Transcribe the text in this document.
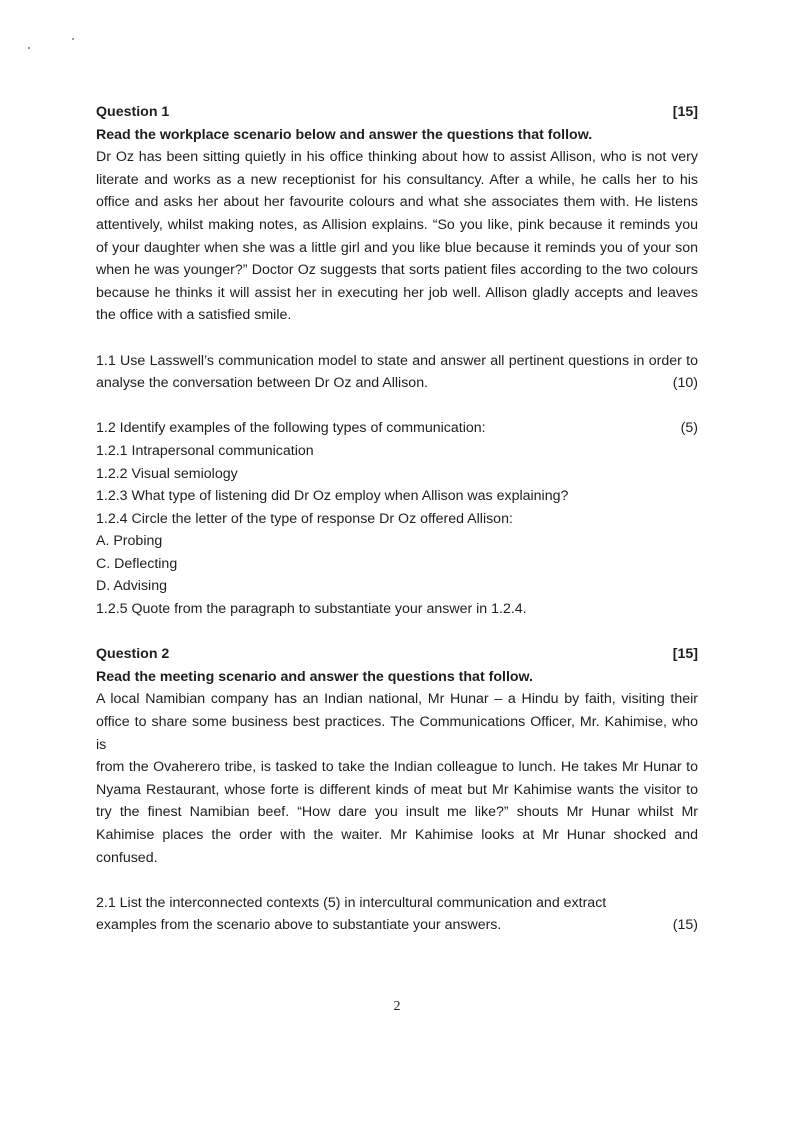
Question 1	[15]
Read the workplace scenario below and answer the questions that follow.
Dr Oz has been sitting quietly in his office thinking about how to assist Allison, who is not very
literate and works as a new receptionist for his consultancy. After a while, he calls her to his
office and asks her about her favourite colours and what she associates them with. He listens
attentively, whilst making notes, as Allision explains. “So you like, pink because it reminds you
of your daughter when she was a little girl and you like blue because it reminds you of your son
when he was younger?” Doctor Oz suggests that sorts patient files according to the two colours
because he thinks it will assist her in executing her job well. Allison gladly accepts and leaves
the office with a satisfied smile.
1.1 Use Lasswell’s communication model to state and answer all pertinent questions in order to
analyse the conversation between Dr Oz and Allison.	(10)
1.2 Identify examples of the following types of communication:	(5)
1.2.1 Intrapersonal communication
1.2.2 Visual semiology
1.2.3 What type of listening did Dr Oz employ when Allison was explaining?
1.2.4 Circle the letter of the type of response Dr Oz offered Allison:
A. Probing
C. Deflecting
D. Advising
1.2.5 Quote from the paragraph to substantiate your answer in 1.2.4.
Question 2	[15]
Read the meeting scenario and answer the questions that follow.
A local Namibian company has an Indian national, Mr Hunar – a Hindu by faith, visiting their
office to share some business best practices. The Communications Officer, Mr. Kahimise, who is
from the Ovaherero tribe, is tasked to take the Indian colleague to lunch. He takes Mr Hunar to
Nyama Restaurant, whose forte is different kinds of meat but Mr Kahimise wants the visitor to
try the finest Namibian beef. “How dare you insult me like?” shouts Mr Hunar whilst Mr
Kahimise places the order with the waiter. Mr Kahimise looks at Mr Hunar shocked and
confused.
2.1 List the interconnected contexts (5) in intercultural communication and extract
examples from the scenario above to substantiate your answers.	(15)
2
